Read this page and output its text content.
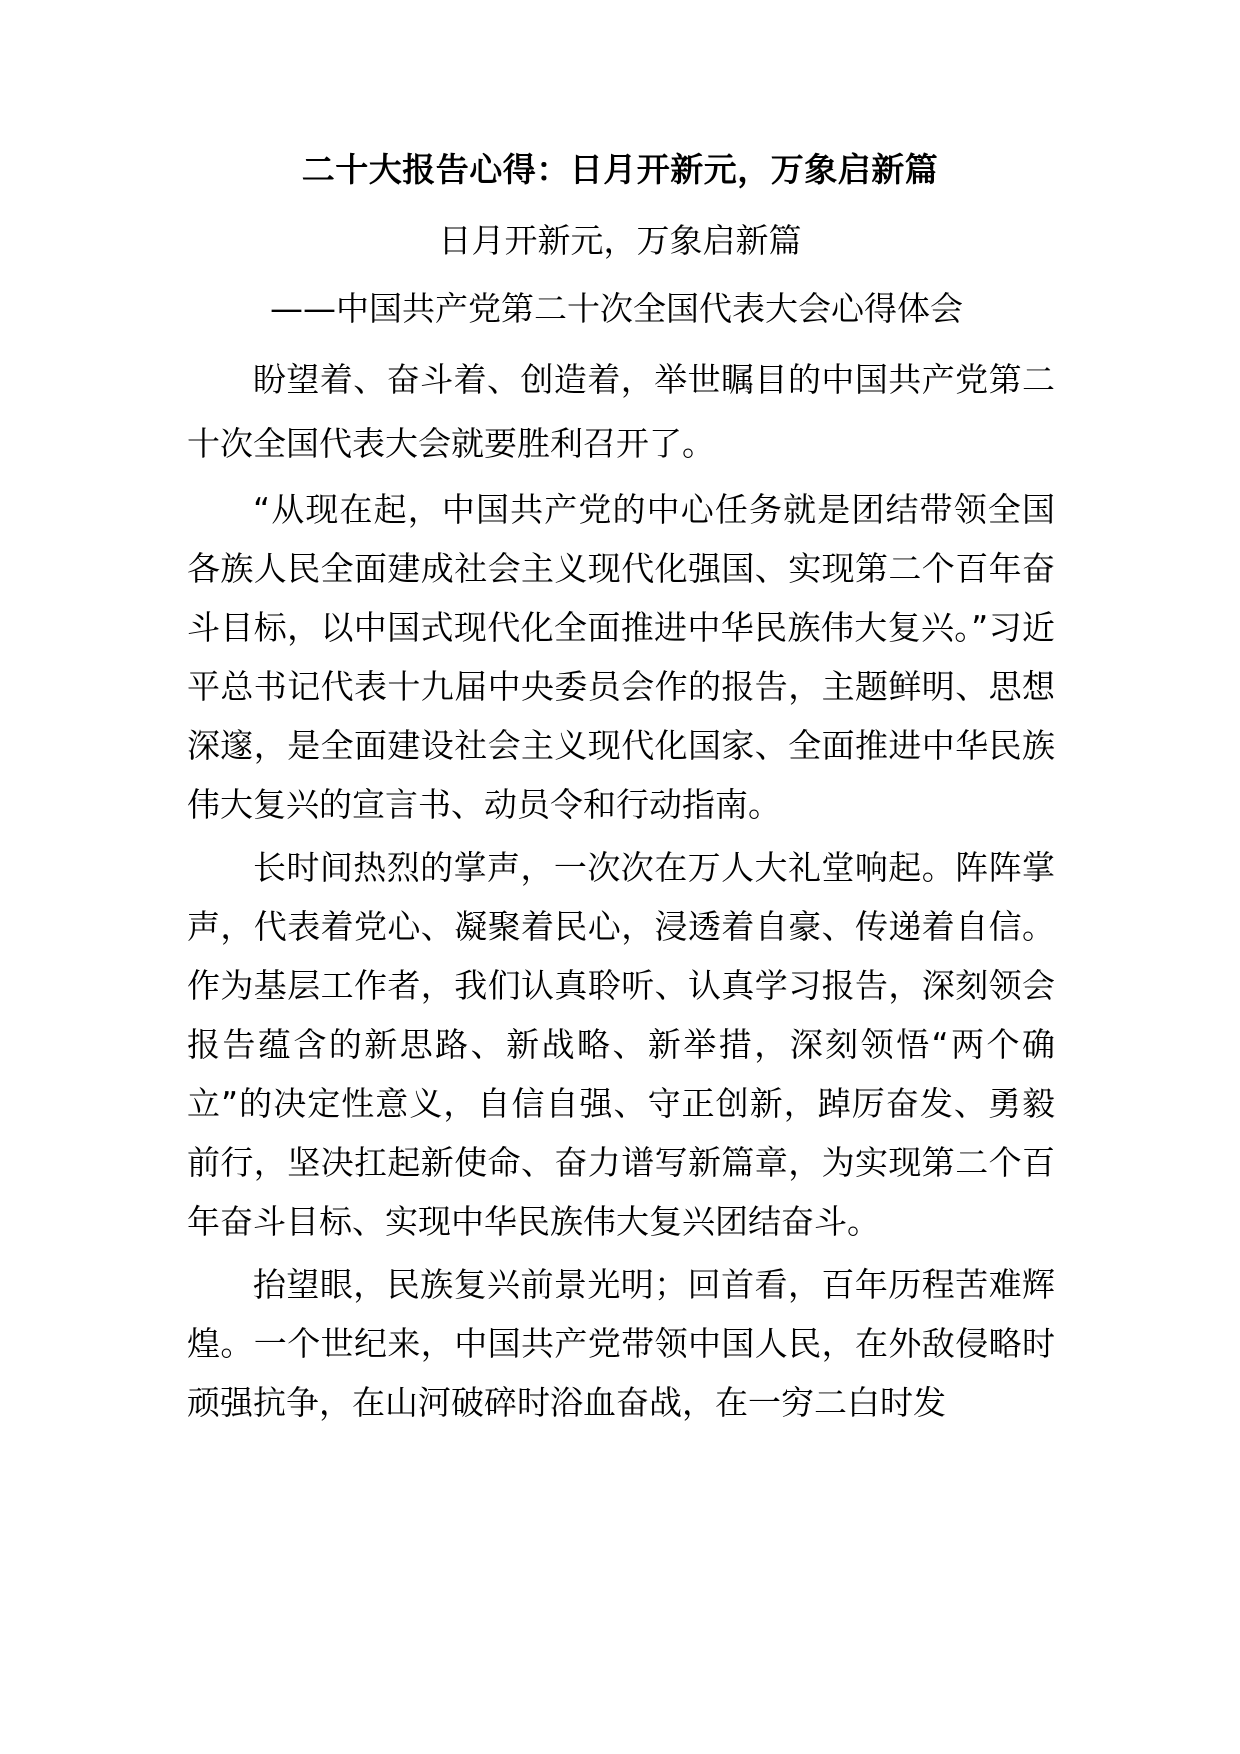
二十大报告心得：日月开新元，万象启新篇
日月开新元，万象启新篇
——中国共产党第二十次全国代表大会心得体会

盼望着、奋斗着、创造着，举世瞩目的中国共产党第二十次全国代表大会就要胜利召开了。

“从现在起，中国共产党的中心任务就是团结带领全国各族人民全面建成社会主义现代化强国、实现第二个百年奋斗目标，以中国式现代化全面推进中华民族伟大复兴。”习近平总书记代表十九届中央委员会作的报告，主题鲜明、思想深邃，是全面建设社会主义现代化国家、全面推进中华民族伟大复兴的宣言书、动员令和行动指南。

长时间热烈的掌声，一次次在万人大礼堂响起。阵阵掌声，代表着党心、凝聚着民心，浸透着自豪、传递着自信。作为基层工作者，我们认真聆听、认真学习报告，深刻领会报告蕴含的新思路、新战略、新举措，深刻领悟“两个确立”的决定性意义，自信自强、守正创新，踔厉奋发、勇毅前行，坚决扛起新使命、奋力谱写新篇章，为实现第二个百年奋斗目标、实现中华民族伟大复兴团结奋斗。

抬望眼，民族复兴前景光明；回首看，百年历程苦难辉煌。一个世纪来，中国共产党带领中国人民，在外敌侵略时顽强抗争，在山河破碎时浴血奋战，在一穷二白时发
